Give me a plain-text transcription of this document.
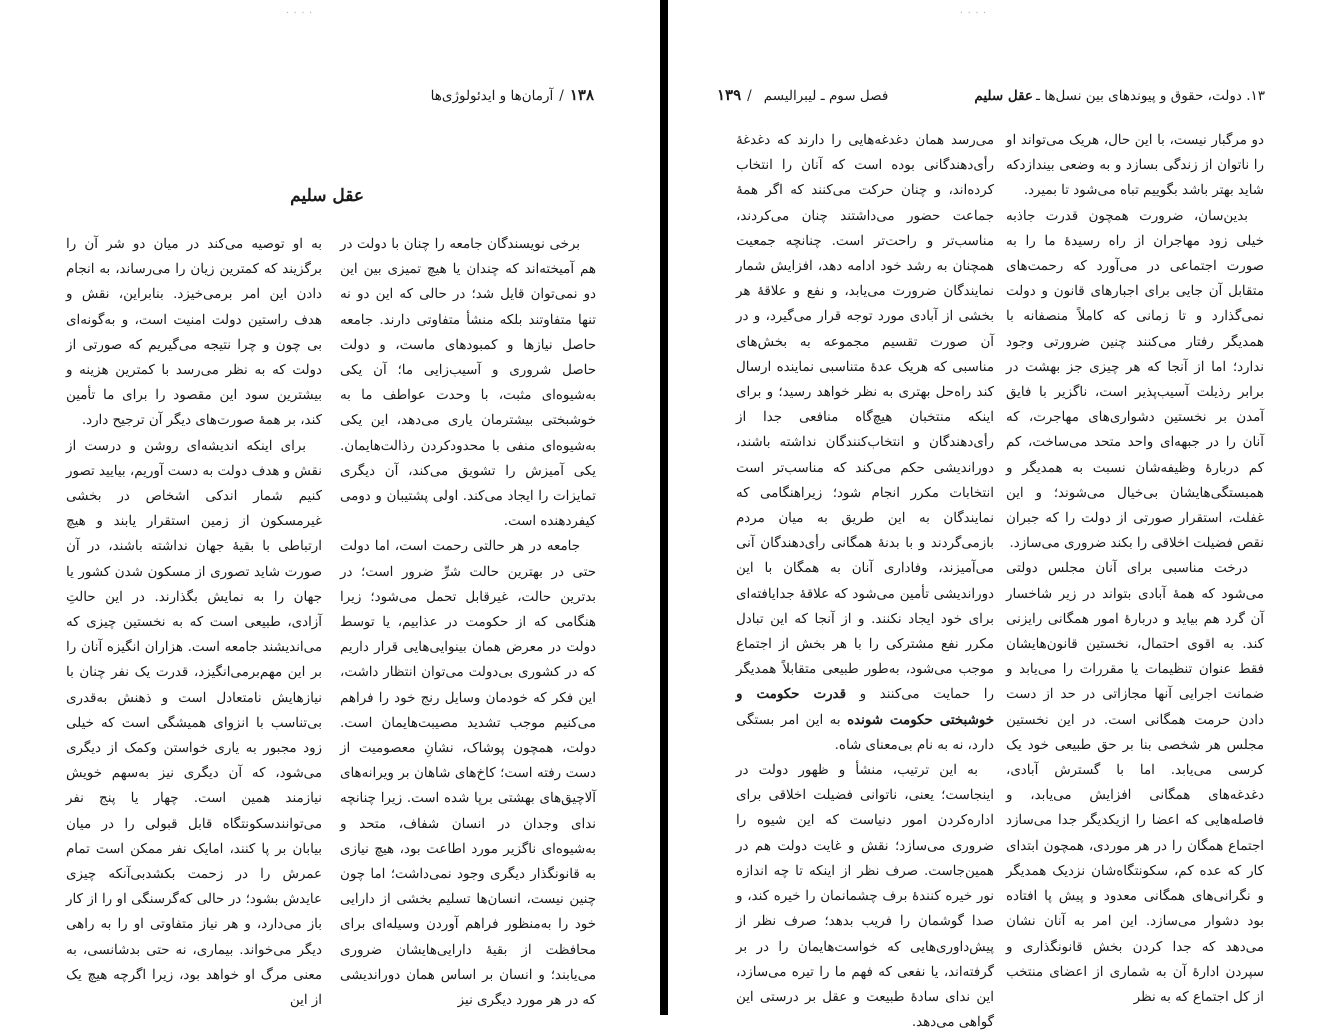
. . . .
۱۳۸
/
آرمان‌ها و ایدئولوژی‌ها
عقل سلیم

برخی نویسندگان جامعه را چنان با دولت در هم آمیخته‌اند که چندان یا هیچ تمیزی بین این دو نمی‌توان قایل شد؛ در حالی که این دو نه تنها متفاوتند بلکه منشأ متفاوتی دارند. جامعه حاصل نیازها و کمبودهای ماست، و دولت حاصل شروری و آسیب‌زایی ما؛ آن یکی به‌شیوه‌ای مثبت، با وحدت عواطف ما به خوشبختی بیشترمان یاری می‌دهد، این یکی به‌شیوه‌ای منفی با محدودکردن رذالت‌هایمان. یکی آمیزش را تشویق می‌کند، آن دیگری تمایزات را ایجاد می‌کند. اولی پشتیبان و دومی کیفردهنده است.

جامعه در هر حالتی رحمت است، اما دولت حتی در بهترین حالت شرِّ ضرور است؛ در بدترین حالت، غیرقابل تحمل می‌شود؛ زیرا هنگامی که از حکومت در عذابیم، یا توسط دولت در معرض همان بینوایی‌هایی قرار داریم که در کشوری بی‌دولت می‌توان انتظار داشت، این فکر که خودمان وسایل رنج خود را فراهم می‌کنیم موجب تشدید مصیبت‌هایمان است. دولت، همچون پوشاک، نشانِ معصومیت از دست رفته است؛ کاخ‌های شاهان بر ویرانه‌های آلاچیق‌های بهشتی برپا شده است. زیرا چنانچه ندای وجدان در انسان شفاف، متحد و به‌شیوه‌ای ناگزیر مورد اطاعت بود، هیچ نیازی به قانونگذار دیگری وجود نمی‌داشت؛ اما چون چنین نیست، انسان‌ها تسلیم بخشی از دارایی خود را به‌منظور فراهم آوردن وسیله‌ای برای محافظت از بقیهٔ دارایی‌هایشان ضروری می‌یابند؛ و انسان بر اساس همان دوراندیشی که در هر مورد دیگری نیز

به او توصیه می‌کند در میان دو شر آن را برگزیند که کمترین زیان را می‌رساند، به انجام دادن این امر برمی‌خیزد. بنابراین، نقش و هدف راستین دولت امنیت است، و به‌گونه‌ای بی چون و چرا نتیجه می‌گیریم که صورتی از دولت که به نظر می‌رسد با کمترین هزینه و بیشترین سود این مقصود را برای ما تأمین کند، بر همهٔ صورت‌های دیگر آن ترجیح دارد.

برای اینکه اندیشه‌ای روشن و درست از نقش و هدف دولت به دست آوریم، بیایید تصور کنیم شمار اندکی اشخاص در بخشی غیرمسکون از زمین استقرار یابند و هیچ ارتباطی با بقیهٔ جهان نداشته باشند، در آن صورت شاید تصوری از مسکون شدن کشور یا جهان را به نمایش بگذارند. در این حالتِ آزادی، طبیعی است که به نخستین چیزی که می‌اندیشند جامعه است. هزاران انگیزه آنان را بر این مهم‌برمی‌انگیزد، قدرت یک نفر چنان با نیازهایش نامتعادل است و ذهنش به‌قدری بی‌تناسب با انزوای همیشگی است که خیلی زود مجبور به یاری خواستن وکمک از دیگری می‌شود، که آن دیگری نیز به‌سهم خویش نیازمند همین است. چهار یا پنج نفر می‌توانندسکونتگاه قابل قبولی را در میان بیابان بر پا کنند، امایک نفر ممکن است تمام عمرش را در زحمت بکشدبی‌آنکه چیزی عایدش بشود؛ در حالی که‌گرسنگی او را از کار باز می‌دارد، و هر نیاز متفاوتی او را به راهی دیگر می‌خواند. بیماری، نه حتی بدشانسی، به معنی مرگ او خواهد بود، زیرا اگرچه هیچ یک از این

. . . .
۱۳. دولت، حقوق و پیوندهای بین نسل‌ها ـ
عقل سلیم
فصل سوم ـ لیبرالیسم
/
۱۳۹

دو مرگبار نیست، با این حال، هریک می‌تواند او را ناتوان از زندگی بسازد و به وضعی بیندازدکه شاید بهتر باشد بگوییم تباه می‌شود تا بمیرد.

بدین‌سان، ضرورت همچون قدرت جاذبه خیلی زود مهاجران از راه رسیدهٔ ما را به صورت اجتماعی در می‌آورد که رحمت‌های متقابل آن جایی برای اجبارهای قانون و دولت نمی‌گذارد و تا زمانی که کاملاً منصفانه با همدیگر رفتار می‌کنند چنین ضرورتی وجود ندارد؛ اما از آنجا که هر چیزی جز بهشت در برابر رذیلت آسیب‌پذیر است، ناگزیر با فایق آمدن بر نخستین دشواری‌های مهاجرت، که آنان را در جبهه‌ای واحد متحد می‌ساخت، کم کم دربارهٔ وظیفه‌شان نسبت به همدیگر و همبستگی‌هایشان بی‌خیال می‌شوند؛ و این غفلت، استقرار صورتی از دولت را که جبران نقص فضیلت اخلاقی را بکند ضروری می‌سازد.

درخت مناسبی برای آنان مجلس دولتی می‌شود که همهٔ آبادی بتواند در زیر شاخسار آن گرد هم بیاید و دربارهٔ امور همگانی رایزنی کند. به‌ اقوی احتمال، نخستین قانون‌هایشان فقط عنوان تنظیمات یا مقررات را می‌یابد و ضمانت اجرایی آنها مجازاتی در حد از دست دادن حرمت همگانی است. در این نخستین مجلس هر شخصی بنا بر حق طبیعی خود یک کرسی می‌یابد. اما با گسترش آبادی، دغدغه‌های همگانی افزایش می‌یابد، و فاصله‌هایی که اعضا را ازیکدیگر جدا می‌سازد اجتماع همگان را در هر موردی، همچون ابتدای کار که عده کم، سکونتگاه‌شان نزدیک همدیگر و نگرانی‌های همگانی معدود و پیش پا افتاده بود دشوار می‌سازد. این امر به آنان نشان می‌دهد که جدا کردن بخش قانونگذاری و سپردن ادارهٔ آن به شماری از اعضای منتخب از کل اجتماع که به نظر

می‌رسد همان دغدغه‌هایی را دارند که دغدغهٔ رأی‌دهندگانی بوده است که آنان را انتخاب کرده‌اند، و چنان حرکت می‌کنند که اگر همهٔ جماعت حضور می‌داشتند چنان می‌کردند، مناسب‌تر و راحت‌تر است. چنانچه جمعیت همچنان به رشد خود ادامه دهد، افزایش شمار نمایندگان ضرورت می‌یابد، و نفع و علاقهٔ هر بخشی از آبادی مورد توجه قرار می‌گیرد، و در آن صورت تقسیم مجموعه به بخش‌های مناسبی که هریک عدهٔ متناسبی نماینده ارسال کند راه‌حل بهتری به نظر خواهد رسید؛ و برای اینکه منتخبان هیچ‌گاه منافعی جدا از رأی‌دهندگان و انتخاب‌کنندگان نداشته باشند، دوراندیشی حکم می‌کند که مناسب‌تر است انتخابات مکرر انجام شود؛ زیراهنگامی که نمایندگان به این طریق به میان مردم بازمی‌گردند و با بدنهٔ همگانی رأی‌دهندگان آنی می‌آمیزند، وفاداری آنان به همگان با این دوراندیشی تأمین می‌شود که علاقهٔ جدایافته‌ای برای خود ایجاد نکنند. و از آنجا که این تبادل مکرر نفع مشترکی را با هر بخش از اجتماع موجب می‌شود، به‌طور طبیعی متقابلاً همدیگر را حمایت می‌کنند و قدرت حکومت و خوشبختی حکومت شونده به این امر بستگی دارد، نه به نام بی‌معنای شاه.

به این ترتیب، منشأ و ظهور دولت در اینجاست؛ یعنی، ناتوانی فضیلت اخلاقی برای اداره‌کردن امور دنیاست که این شیوه را ضروری می‌سازد؛ نقش و غایت دولت هم در همین‌جاست. صرف نظر از اینکه تا چه اندازه نور خیره کنندهٔ برف چشمانمان را خیره کند، و صدا گوشمان را فریب بدهد؛ صرف نظر از پیش‌داوری‌هایی که خواست‌هایمان را در بر گرفته‌اند، یا نفعی که فهم ما را تیره می‌سازد، این ندای سادهٔ طبیعت و عقل بر درستی این گواهی می‌دهد.
